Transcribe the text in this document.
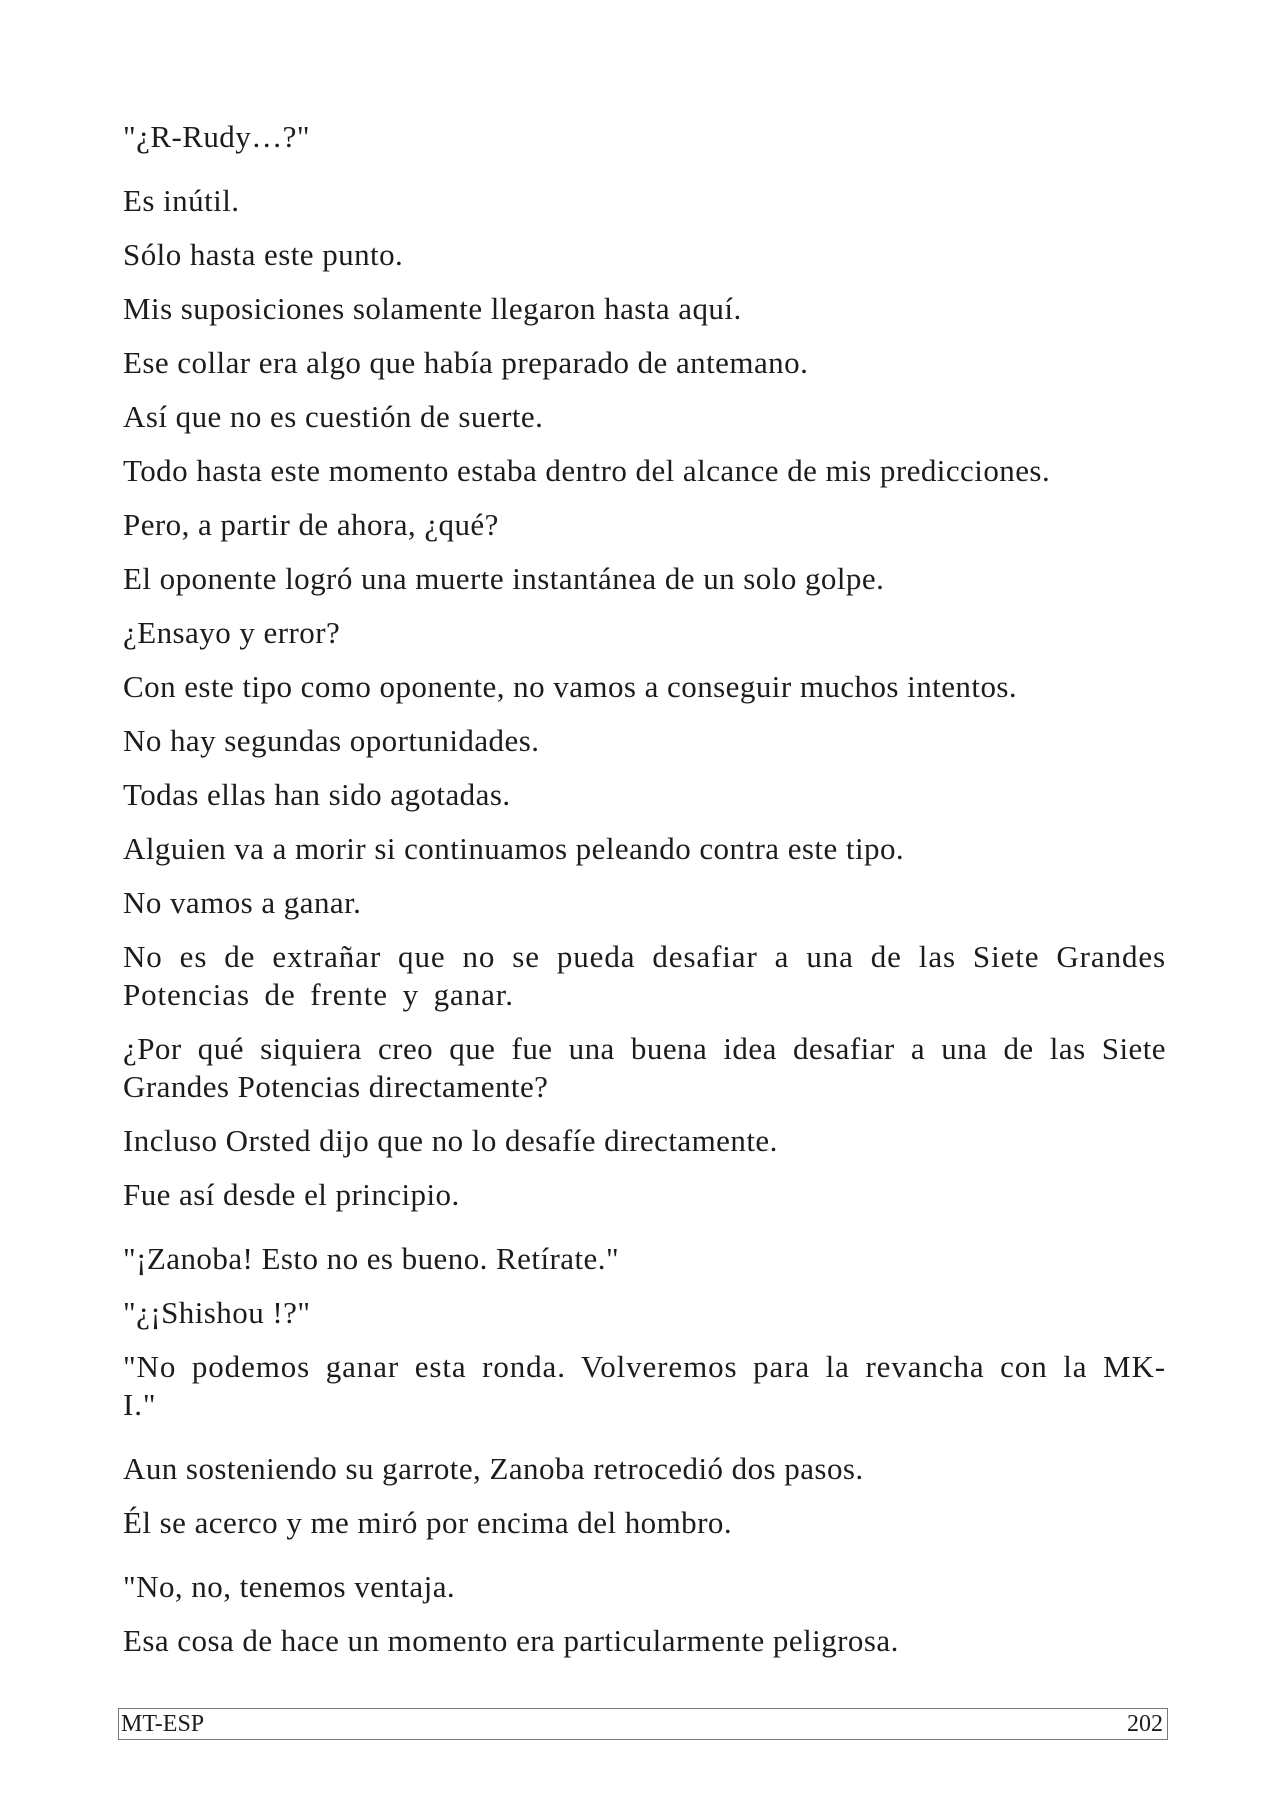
"¿R-Rudy…?"

Es inútil.

Sólo hasta este punto.

Mis suposiciones solamente llegaron hasta aquí.

Ese collar era algo que había preparado de antemano.

Así que no es cuestión de suerte.

Todo hasta este momento estaba dentro del alcance de mis predicciones.

Pero, a partir de ahora, ¿qué?

El oponente logró una muerte instantánea de un solo golpe.

¿Ensayo y error?

Con este tipo como oponente, no vamos a conseguir muchos intentos.

No hay segundas oportunidades.

Todas ellas han sido agotadas.

Alguien va a morir si continuamos peleando contra este tipo.

No vamos a ganar.

No es de extrañar que no se pueda desafiar a una de las Siete Grandes Potencias de frente y ganar.

¿Por qué siquiera creo que fue una buena idea desafiar a una de las Siete Grandes Potencias directamente?

Incluso Orsted dijo que no lo desafíe directamente.

Fue así desde el principio.

"¡Zanoba! Esto no es bueno. Retírate."

"¿¡Shishou !?"

"No podemos ganar esta ronda. Volveremos para la revancha con la MK-I."

Aun sosteniendo su garrote, Zanoba retrocedió dos pasos.

Él se acerco y me miró por encima del hombro.

"No, no, tenemos ventaja.

Esa cosa de hace un momento era particularmente peligrosa.

MT-ESP	202
